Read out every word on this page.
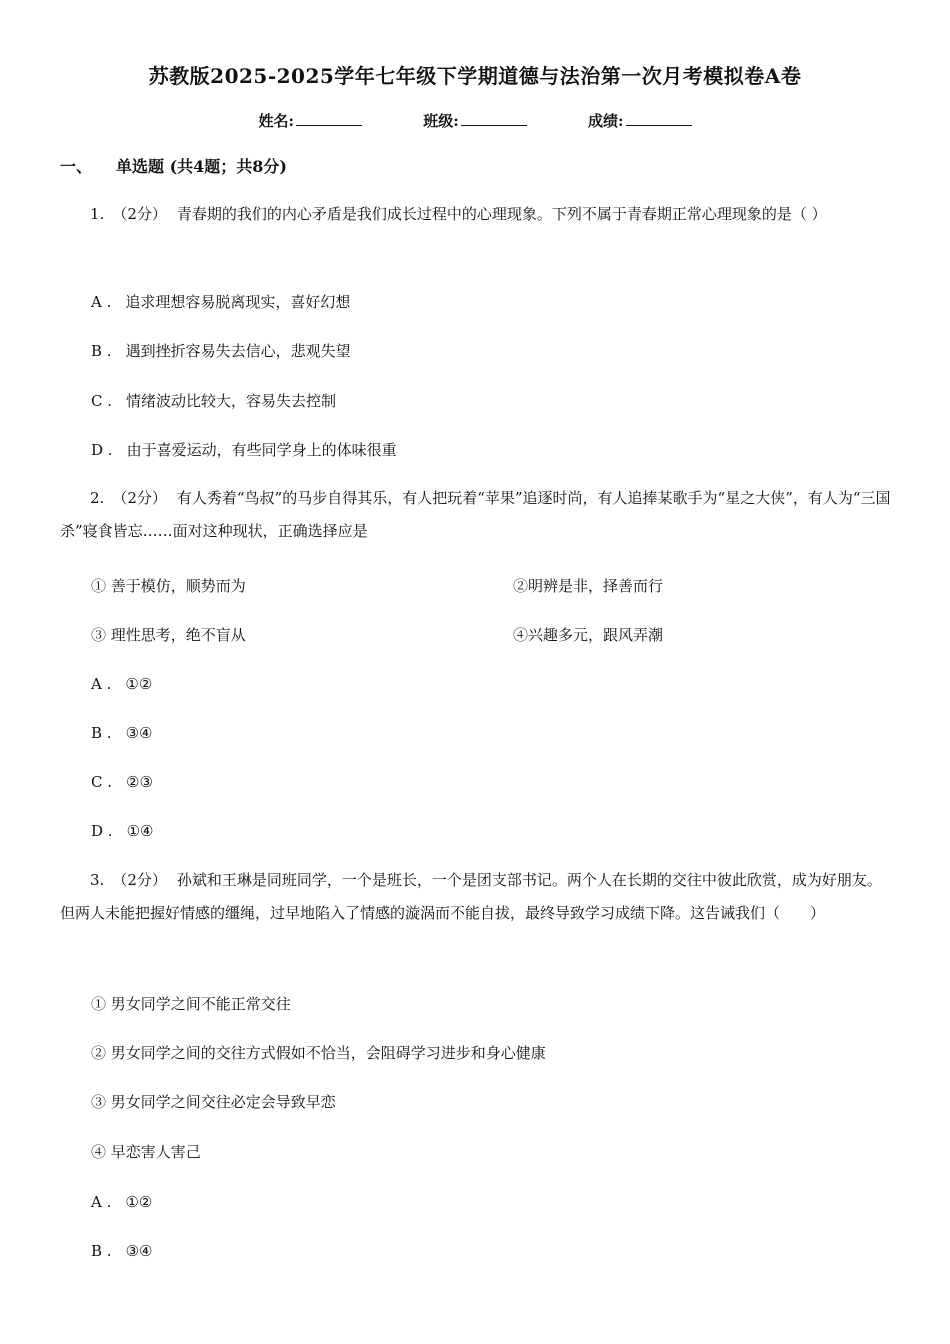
苏教版2025-2025学年七年级下学期道德与法治第一次月考模拟卷A卷
姓名:	班级:	成绩:
一、 单选题 (共4题；共8分)
1. （2分） 青春期的我们的内心矛盾是我们成长过程中的心理现象。下列不属于青春期正常心理现象的是（ ）
A . 追求理想容易脱离现实，喜好幻想
B . 遇到挫折容易失去信心，悲观失望
C . 情绪波动比较大，容易失去控制
D . 由于喜爱运动，有些同学身上的体味很重
2. （2分） 有人秀着“鸟叔”的马步自得其乐，有人把玩着“苹果”追逐时尚，有人追捧某歌手为“星之大侠”，有人为“三国杀”寝食皆忘……面对这种现状，正确选择应是
① 善于模仿，顺势而为	②明辨是非，择善而行
③ 理性思考，绝不盲从	④兴趣多元，跟风弄潮
A . ①②
B . ③④
C . ②③
D . ①④
3. （2分） 孙斌和王琳是同班同学，一个是班长，一个是团支部书记。两个人在长期的交往中彼此欣赏，成为好朋友。但两人未能把握好情感的缰绳，过早地陷入了情感的漩涡而不能自拔，最终导致学习成绩下降。这告诫我们（　　）
① 男女同学之间不能正常交往
② 男女同学之间的交往方式假如不恰当，会阻碍学习进步和身心健康
③ 男女同学之间交往必定会导致早恋
④ 早恋害人害己
A . ①②
B . ③④
